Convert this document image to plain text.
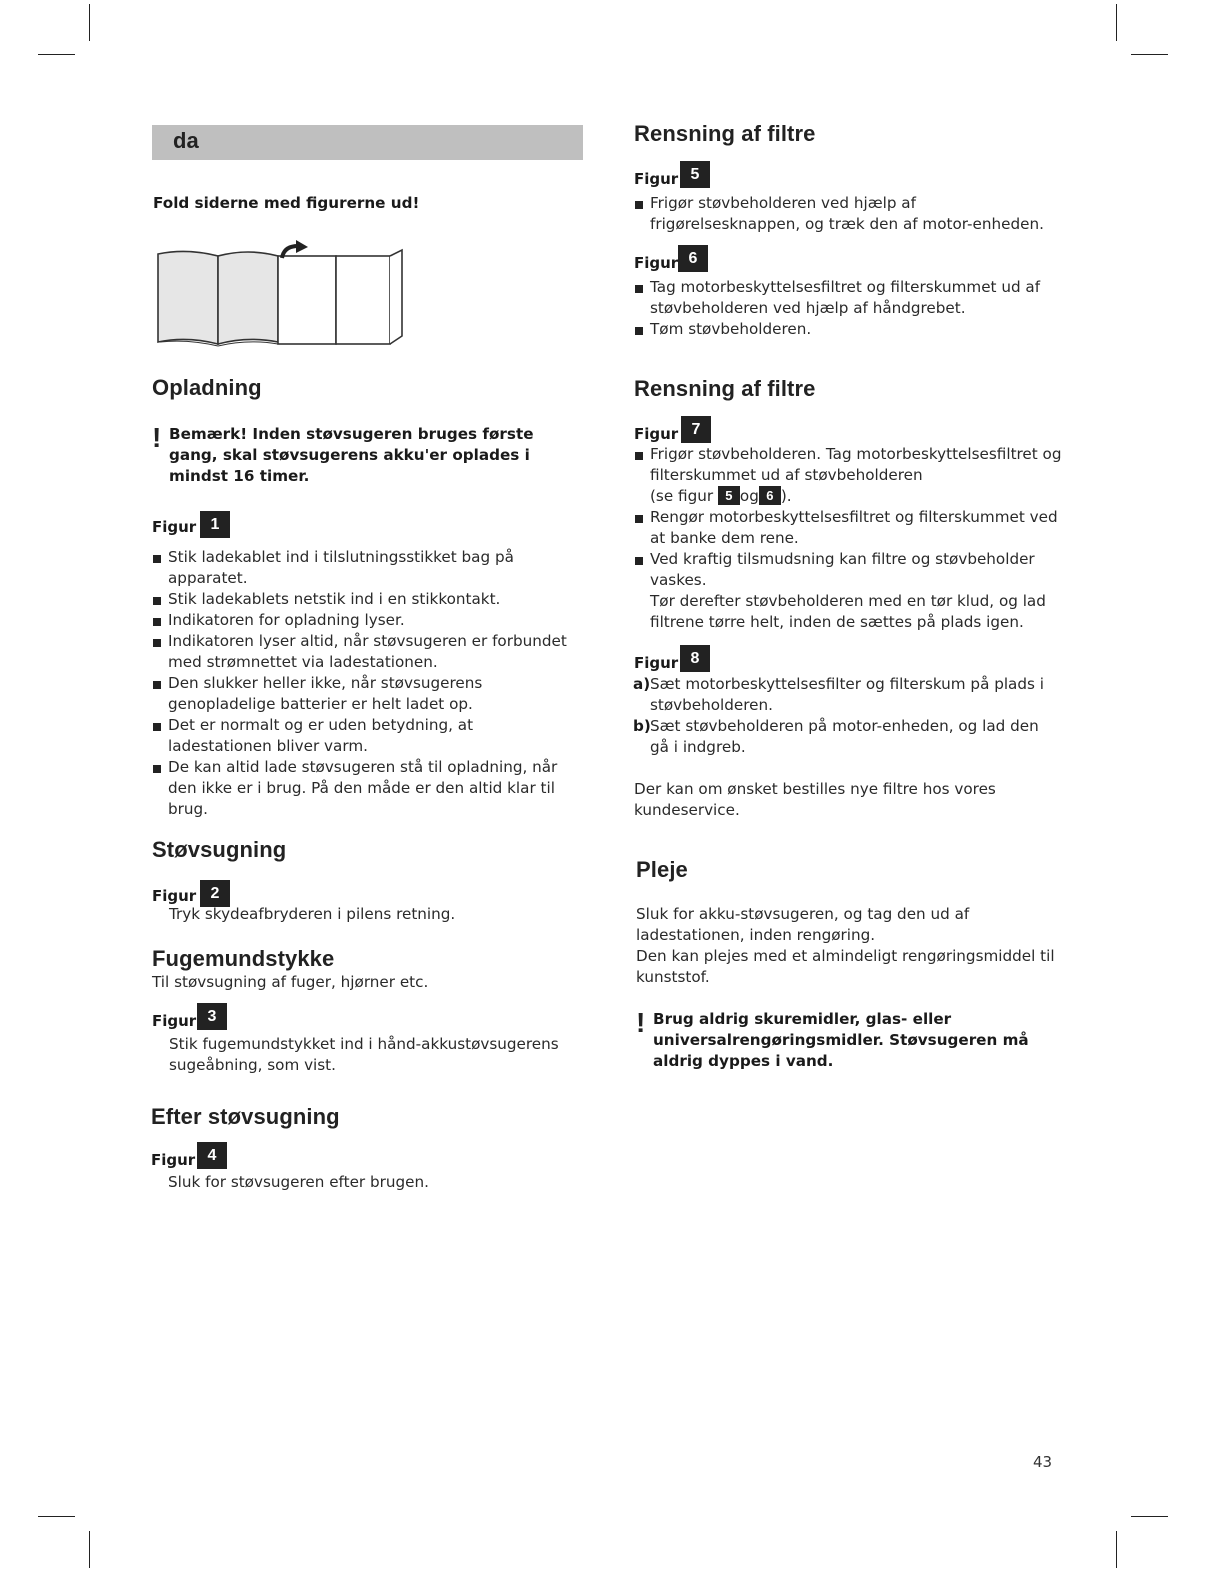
da
Fold siderne med figurerne ud!
Opladning
! Bemærk! Inden støvsugeren bruges første gang, skal støvsugerens akku'er oplades i mindst 16 timer.
Figur 1
Stik ladekablet ind i tilslutningsstikket bag på apparatet.
Stik ladekablets netstik ind i en stikkontakt.
Indikatoren for opladning lyser.
Indikatoren lyser altid, når støvsugeren er forbundet med strømnettet via ladestationen.
Den slukker heller ikke, når støvsugerens genopladelige batterier er helt ladet op.
Det er normalt og er uden betydning, at ladestationen bliver varm.
De kan altid lade støvsugeren stå til opladning, når den ikke er i brug. På den måde er den altid klar til brug.
Støvsugning
Figur 2
Tryk skydeafbryderen i pilens retning.
Fugemundstykke
Til støvsugning af fuger, hjørner etc.
Figur 3
Stik fugemundstykket ind i hånd-akkustøvsugerens sugeåbning, som vist.
Efter støvsugning
Figur 4
Sluk for støvsugeren efter brugen.
Rensning af filtre
Figur 5
Frigør støvbeholderen ved hjælp af frigørelsesknappen, og træk den af motor-enheden.
Figur 6
Tag motorbeskyttelsesfiltret og filterskummet ud af støvbeholderen ved hjælp af håndgrebet.
Tøm støvbeholderen.
Rensning af filtre
Figur 7
Frigør støvbeholderen. Tag motorbeskyttelsesfiltret og filterskummet ud af støvbeholderen
(se figur 5 og 6 ).
Rengør motorbeskyttelsesfiltret og filterskummet ved at banke dem rene.
Ved kraftig tilsmudsning kan filtre og støvbeholder vaskes.
Tør derefter støvbeholderen med en tør klud, og lad filtrene tørre helt, inden de sættes på plads igen.
Figur 8
a) Sæt motorbeskyttelsesfilter og filterskum på plads i støvbeholderen.
b) Sæt støvbeholderen på motor-enheden, og lad den gå i indgreb.
Der kan om ønsket bestilles nye filtre hos vores kundeservice.
Pleje
Sluk for akku-støvsugeren, og tag den ud af ladestationen, inden rengøring.
Den kan plejes med et almindeligt rengøringsmiddel til kunststof.
! Brug aldrig skuremidler, glas- eller universalrengøringsmidler. Støvsugeren må aldrig dyppes i vand.
43
